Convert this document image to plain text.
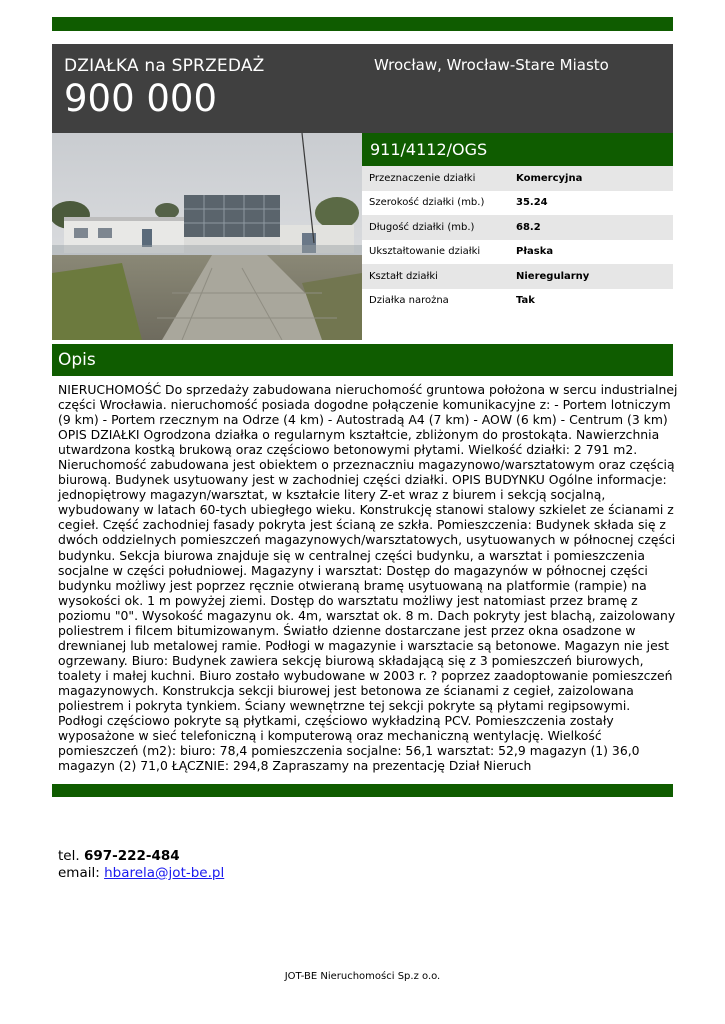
DZIAŁKA na SPRZEDAŻ
900 000
Wrocław, Wrocław-Stare Miasto
911/4112/OGS
Przeznaczenie działki	Komercyjna
Szerokość działki (mb.)	35.24
Długość działki (mb.)	68.2
Ukształtowanie działki	Płaska
Kształt działki	Nieregularny
Działka narożna	Tak
Opis
NIERUCHOMOŚĆ Do sprzedaży zabudowana nieruchomość gruntowa położona w sercu industrialnej
części Wrocławia. nieruchomość posiada dogodne połączenie komunikacyjne z: - Portem lotniczym
(9 km) - Portem rzecznym na Odrze (4 km) - Autostradą A4 (7 km) - AOW (6 km) - Centrum (3 km)
OPIS DZIAŁKI Ogrodzona działka o regularnym kształtcie, zbliżonym do prostokąta. Nawierzchnia
utwardzona kostką brukową oraz częściowo betonowymi płytami. Wielkość działki: 2 791 m2.
Nieruchomość zabudowana jest obiektem o przeznaczniu magazynowo/warsztatowym oraz częścią
biurową. Budynek usytuowany jest w zachodniej części działki. OPIS BUDYNKU Ogólne informacje:
jednopiętrowy magazyn/warsztat, w kształcie litery Z-et wraz z biurem i sekcją socjalną,
wybudowany w latach 60-tych ubiegłego wieku. Konstrukcję stanowi stalowy szkielet ze ścianami z
cegieł. Część zachodniej fasady pokryta jest ścianą ze szkła. Pomieszczenia: Budynek składa się z
dwóch oddzielnych pomieszczeń magazynowych/warsztatowych, usytuowanych w północnej części
budynku. Sekcja biurowa znajduje się w centralnej części budynku, a warsztat i pomieszczenia
socjalne w części południowej. Magazyny i warsztat: Dostęp do magazynów w północnej części
budynku możliwy jest poprzez ręcznie otwieraną bramę usytuowaną na platformie (rampie) na
wysokości ok. 1 m powyżej ziemi. Dostęp do warsztatu możliwy jest natomiast przez bramę z
poziomu "0". Wysokość magazynu ok. 4m, warsztat ok. 8 m. Dach pokryty jest blachą, zaizolowany
poliestrem i filcem bitumizowanym. Światło dzienne dostarczane jest przez okna osadzone w
drewnianej lub metalowej ramie. Podłogi w magazynie i warsztacie są betonowe. Magazyn nie jest
ogrzewany. Biuro: Budynek zawiera sekcję biurową składającą się z 3 pomieszczeń biurowych,
toalety i małej kuchni. Biuro zostało wybudowane w 2003 r. ? poprzez zaadoptowanie pomieszczeń
magazynowych. Konstrukcja sekcji biurowej jest betonowa ze ścianami z cegieł, zaizolowana
poliestrem i pokryta tynkiem. Ściany wewnętrzne tej sekcji pokryte są płytami regipsowymi.
Podłogi częściowo pokryte są płytkami, częściowo wykładziną PCV. Pomieszczenia zostały
wyposażone w sieć telefoniczną i komputerową oraz mechaniczną wentylację. Wielkość
pomieszczeń (m2): biuro: 78,4 pomieszczenia socjalne: 56,1 warsztat: 52,9 magazyn (1) 36,0
magazyn (2) 71,0 ŁĄCZNIE: 294,8 Zapraszamy na prezentację Dział Nieruch
tel. 697-222-484
email: hbarela@jot-be.pl
JOT-BE Nieruchomości Sp.z o.o.
